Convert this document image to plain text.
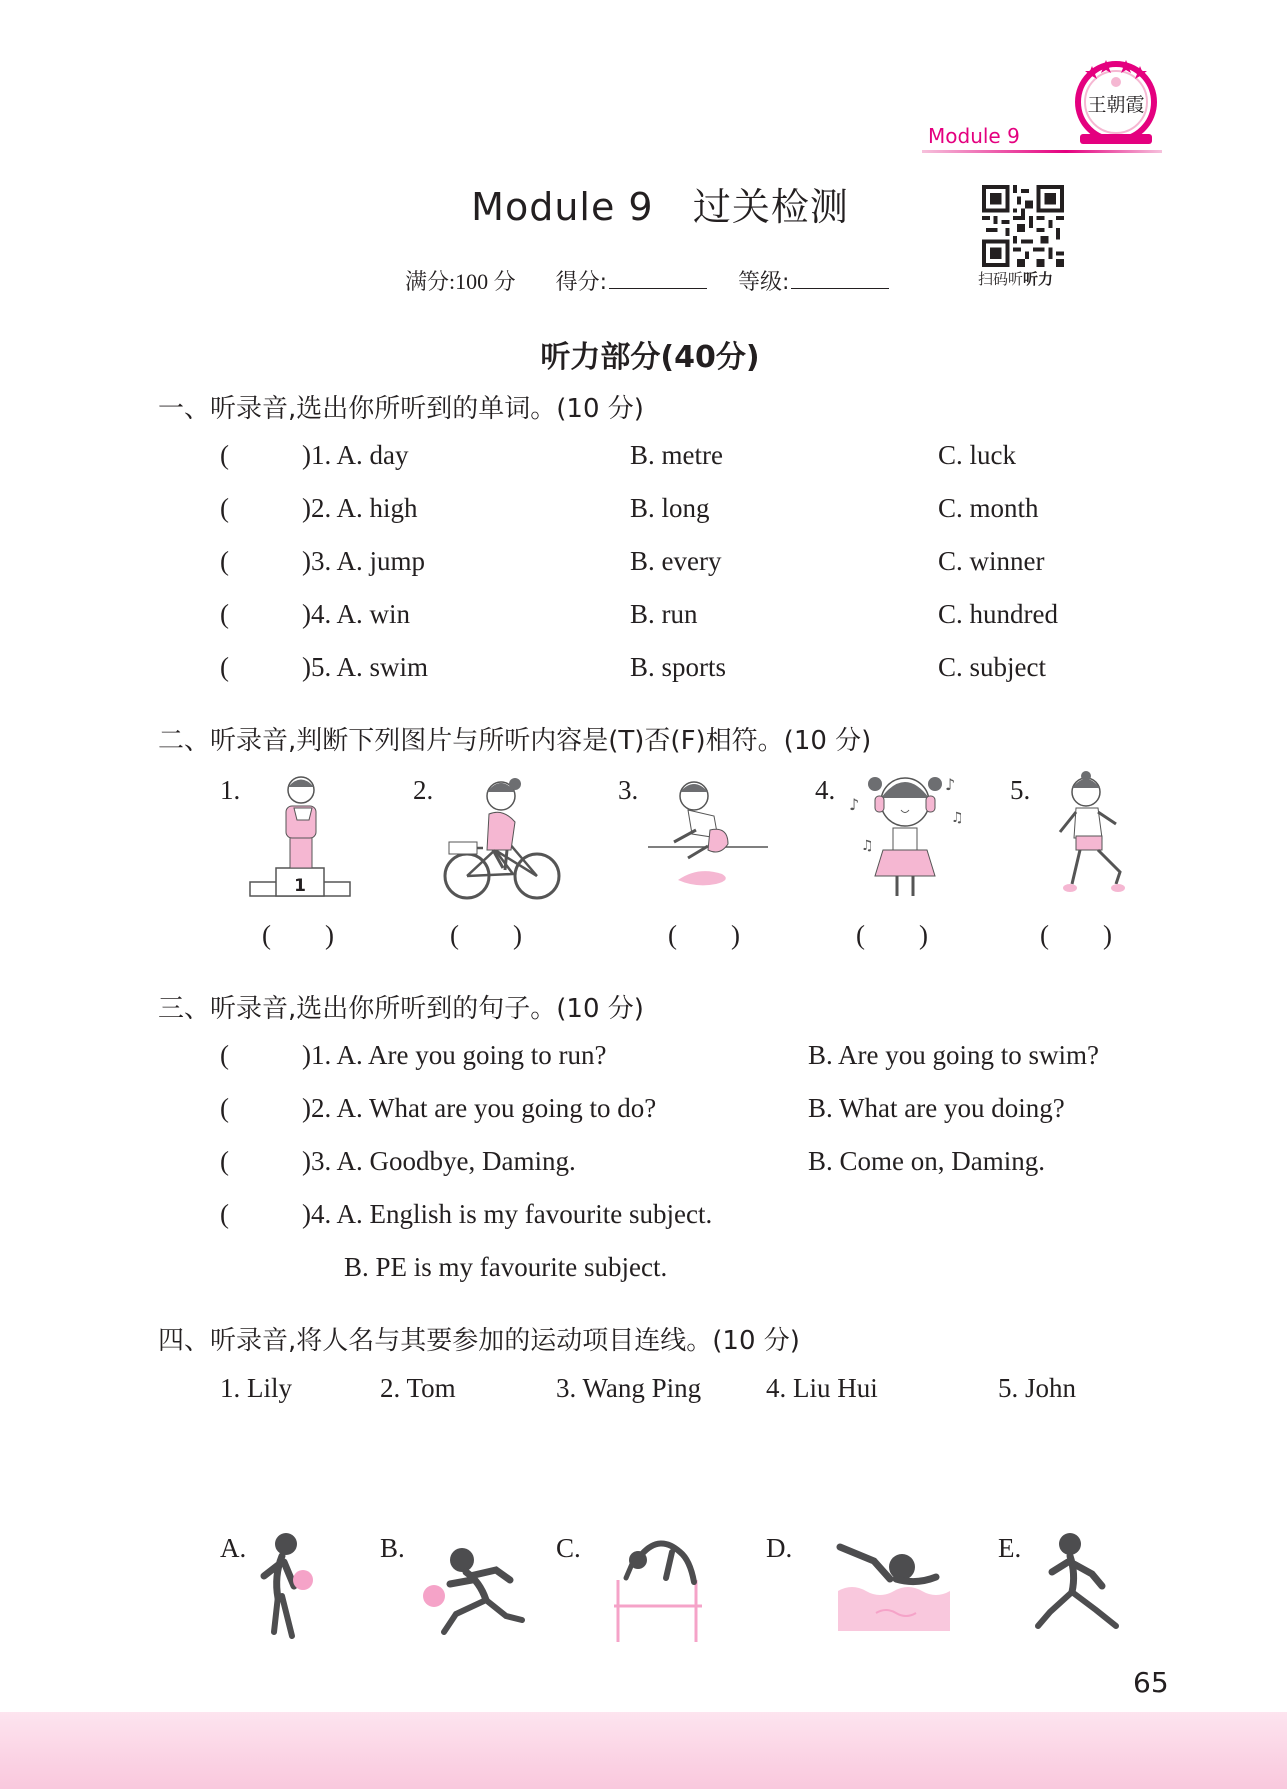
王朝霞
Module 9
Module 9   过关检测
扫码听听力
满分:100 分 得分:	等级:
听力部分(40分)
一、听录音,选出你所听到的单词。(10 分)
(	)1. A. day	B. metre	C. luck
(	)2. A. high	B. long	C. month
(	)3. A. jump	B. every	C. winner
(	)4. A. win	B. run	C. hundred
(	)5. A. swim	B. sports	C. subject
二、听录音,判断下列图片与所听内容是(T)否(F)相符。(10 分)
1.	2.	3.	4.	5.
1
♪
♪
♫
♫
(        )	(        )	(        )	(        )	(        )
三、听录音,选出你所听到的句子。(10 分)
(	)1. A. Are you going to run?	B. Are you going to swim?
(	)2. A. What are you going to do?	B. What are you doing?
(	)3. A. Goodbye, Daming.	B. Come on, Daming.
(	)4. A. English is my favourite subject.
B. PE is my favourite subject.
四、听录音,将人名与其要参加的运动项目连线。(10 分)
1. Lily	2. Tom	3. Wang Ping 4. Liu Hui	5. John
A.	B.	C.	D.	E.
65
